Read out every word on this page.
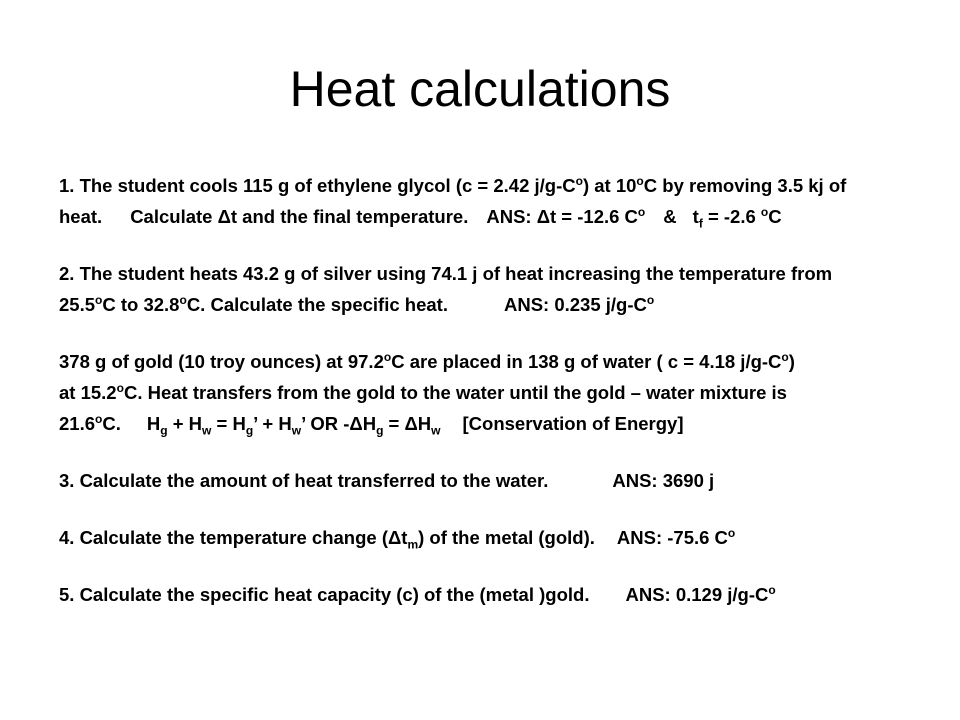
Heat calculations
1. The student cools 115 g of ethylene glycol (c = 2.42 $j/g-C^o$) at 10$^o$C by removing 3.5 kj of
heat. Calculate Δt and the final temperature. ANS: Δt = -12.6 $C^o$ & $t_f = -2.6$ $^o$C
2. The student heats 43.2 g of silver using 74.1 j of heat increasing the temperature from
25.5$^o$C to 32.8$^o$C. Calculate the specific heat.	ANS: 0.235 $j/g-C^o$
378 g of gold (10 troy ounces) at 97.2$^o$C are placed in 138 g of water ( c = 4.18 $j/g-C^o$)
at 15.2$^o$C. Heat transfers from the gold to the water until the gold – water mixture is
21.6$^o$C. $H_g + H_w = H_g$’ + $H_w$’ OR $-\Delta H_g = \Delta H_w$ [Conservation of Energy]
3. Calculate the amount of heat transferred to the water.	ANS: 3690 j
4. Calculate the temperature change $(\Delta t_m)$ of the metal (gold). ANS: -75.6 $C^o$
5. Calculate the specific heat capacity (c) of the (metal )gold. ANS: 0.129 $j/g-C^o$
